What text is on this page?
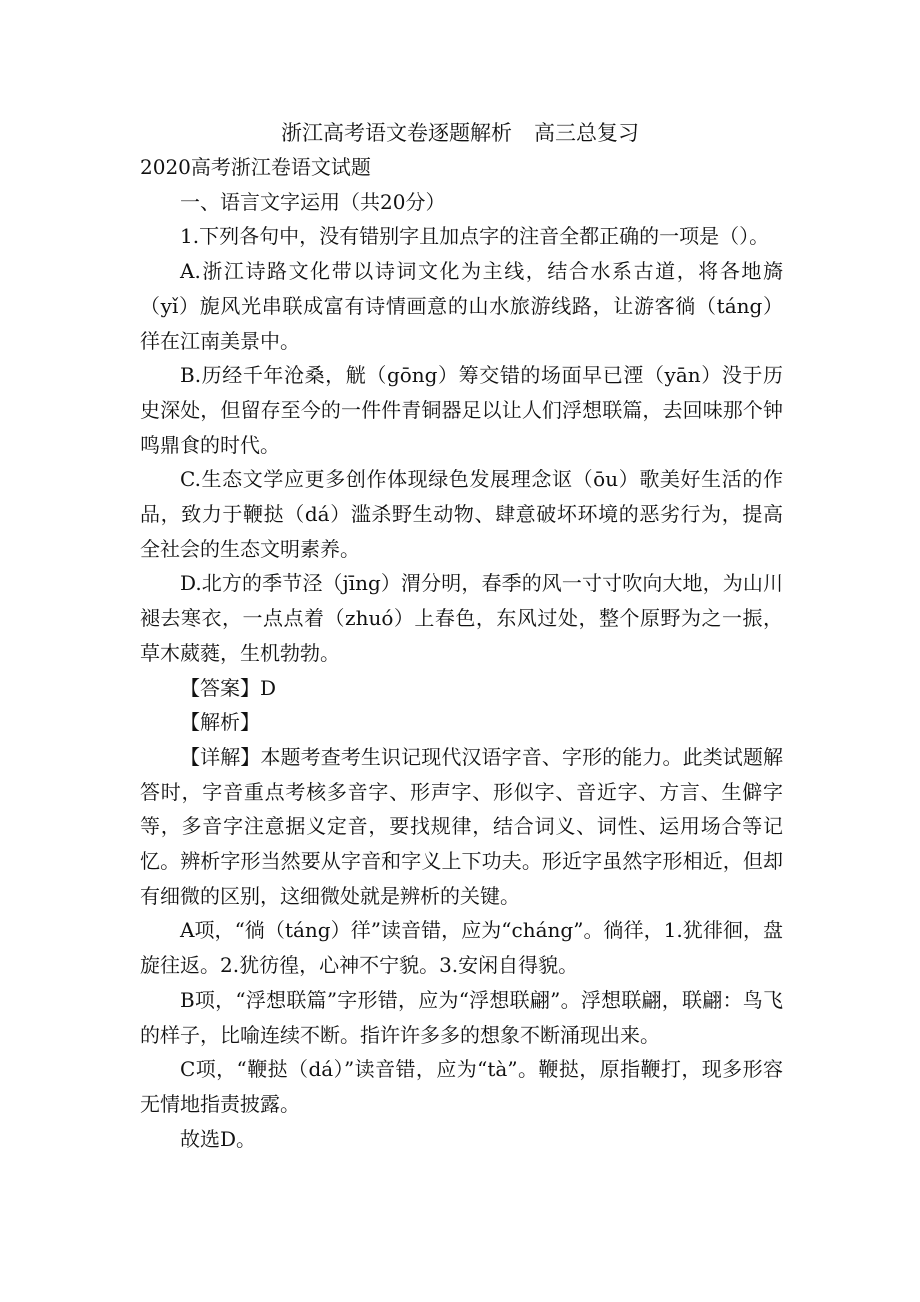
浙江高考语文卷逐题解析 高三总复习

2020高考浙江卷语文试题

一、语言文字运用（共20分）

1.下列各句中，没有错别字且加点字的注音全都正确的一项是（）。

A.浙江诗路文化带以诗词文化为主线，结合水系古道，将各地旖（yǐ）旎风光串联成富有诗情画意的山水旅游线路，让游客徜（táng）徉在江南美景中。

B.历经千年沧桑，觥（gōng）筹交错的场面早已湮（yān）没于历史深处，但留存至今的一件件青铜器足以让人们浮想联篇，去回味那个钟鸣鼎食的时代。

C.生态文学应更多创作体现绿色发展理念讴（ōu）歌美好生活的作品，致力于鞭挞（dá）滥杀野生动物、肆意破坏环境的恶劣行为，提高全社会的生态文明素养。

D.北方的季节泾（jīng）渭分明，春季的风一寸寸吹向大地，为山川褪去寒衣，一点点着（zhuó）上春色，东风过处，整个原野为之一振，草木葳蕤，生机勃勃。

【答案】D

【解析】

【详解】本题考查考生识记现代汉语字音、字形的能力。此类试题解答时，字音重点考核多音字、形声字、形似字、音近字、方言、生僻字等，多音字注意据义定音，要找规律，结合词义、词性、运用场合等记忆。辨析字形当然要从字音和字义上下功夫。形近字虽然字形相近，但却有细微的区别，这细微处就是辨析的关键。

A项，“徜（táng）徉”读音错，应为“cháng”。徜徉，1.犹徘徊，盘旋往返。2.犹彷徨，心神不宁貌。3.安闲自得貌。

B项，“浮想联篇”字形错，应为“浮想联翩”。浮想联翩，联翩：鸟飞的样子，比喻连续不断。指许许多多的想象不断涌现出来。

C项，“鞭挞（dá）”读音错，应为“tà”。鞭挞，原指鞭打，现多形容无情地指责披露。

故选D。
